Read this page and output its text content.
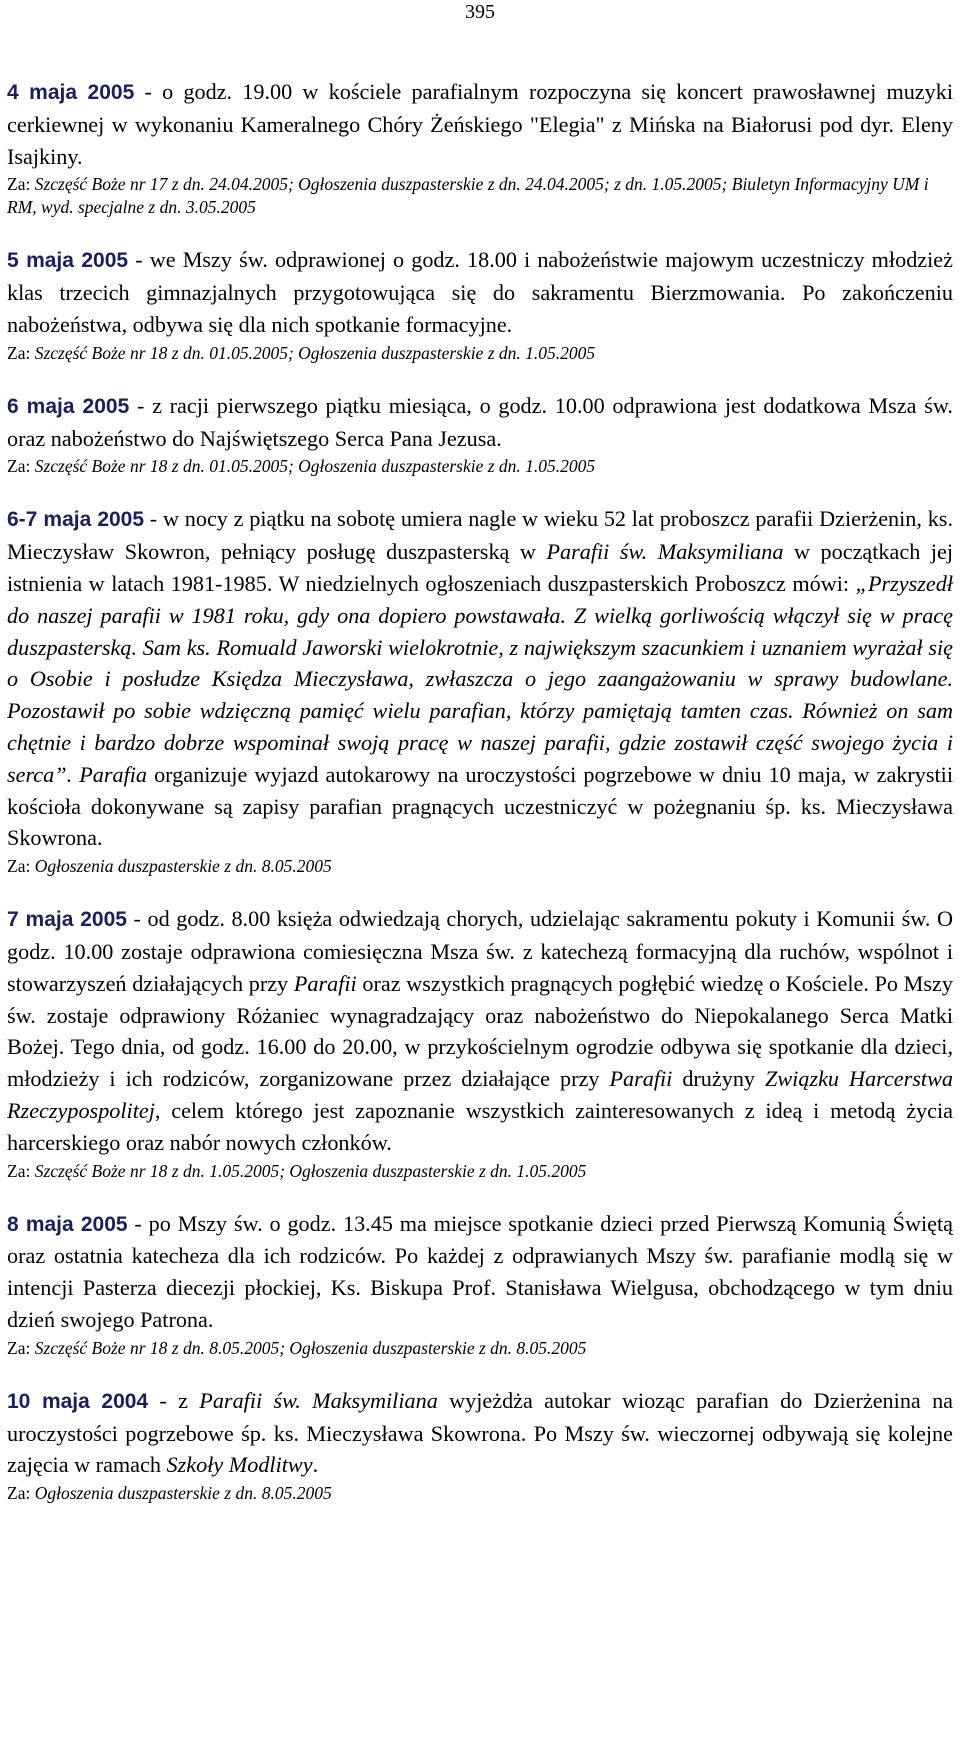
395

4 maja 2005 - o godz. 19.00 w kościele parafialnym rozpoczyna się koncert prawosławnej muzyki cerkiewnej w wykonaniu Kameralnego Chóry Żeńskiego "Elegia" z Mińska na Białorusi pod dyr. Eleny Isajkiny.

Za: Szczęść Boże nr 17 z dn. 24.04.2005; Ogłoszenia duszpasterskie z dn. 24.04.2005; z dn. 1.05.2005; Biuletyn Informacyjny UM i RM, wyd. specjalne z dn. 3.05.2005

5 maja 2005 - we Mszy św. odprawionej o godz. 18.00 i nabożeństwie majowym uczestniczy młodzież klas trzecich gimnazjalnych przygotowująca się do sakramentu Bierzmowania. Po zakończeniu nabożeństwa, odbywa się dla nich spotkanie formacyjne.

Za: Szczęść Boże nr 18 z dn. 01.05.2005; Ogłoszenia duszpasterskie z dn. 1.05.2005

6 maja 2005 - z racji pierwszego piątku miesiąca, o godz. 10.00 odprawiona jest dodatkowa Msza św. oraz nabożeństwo do Najświętszego Serca Pana Jezusa.

Za: Szczęść Boże nr 18 z dn. 01.05.2005; Ogłoszenia duszpasterskie z dn. 1.05.2005

6-7 maja 2005 - w nocy z piątku na sobotę umiera nagle w wieku 52 lat proboszcz parafii Dzierżenin, ks. Mieczysław Skowron, pełniący posługę duszpasterską w Parafii św. Maksymiliana w początkach jej istnienia w latach 1981-1985. W niedzielnych ogłoszeniach duszpasterskich Proboszcz mówi: „Przyszedł do naszej parafii w 1981 roku, gdy ona dopiero powstawała. Z wielką gorliwością włączył się w pracę duszpasterską. Sam ks. Romuald Jaworski wielokrotnie, z największym szacunkiem i uznaniem wyrażał się o Osobie i posłudze Księdza Mieczysława, zwłaszcza o jego zaangażowaniu w sprawy budowlane. Pozostawił po sobie wdzięczną pamięć wielu parafian, którzy pamiętają tamten czas. Również on sam chętnie i bardzo dobrze wspominał swoją pracę w naszej parafii, gdzie zostawił część swojego życia i serca”. Parafia organizuje wyjazd autokarowy na uroczystości pogrzebowe w dniu 10 maja, w zakrystii kościoła dokonywane są zapisy parafian pragnących uczestniczyć w pożegnaniu śp. ks. Mieczysława Skowrona.

Za: Ogłoszenia duszpasterskie z dn. 8.05.2005

7 maja 2005 - od godz. 8.00 księża odwiedzają chorych, udzielając sakramentu pokuty i Komunii św. O godz. 10.00 zostaje odprawiona comiesięczna Msza św. z katechezą formacyjną dla ruchów, wspólnot i stowarzyszeń działających przy Parafii oraz wszystkich pragnących pogłębić wiedzę o Kościele. Po Mszy św. zostaje odprawiony Różaniec wynagradzający oraz nabożeństwo do Niepokalanego Serca Matki Bożej. Tego dnia, od godz. 16.00 do 20.00, w przykościelnym ogrodzie odbywa się spotkanie dla dzieci, młodzieży i ich rodziców, zorganizowane przez działające przy Parafii drużyny Związku Harcerstwa Rzeczypospolitej, celem którego jest zapoznanie wszystkich zainteresowanych z ideą i metodą życia harcerskiego oraz nabór nowych członków.

Za: Szczęść Boże nr 18 z dn. 1.05.2005; Ogłoszenia duszpasterskie z dn. 1.05.2005

8 maja 2005 - po Mszy św. o godz. 13.45 ma miejsce spotkanie dzieci przed Pierwszą Komunią Świętą oraz ostatnia katecheza dla ich rodziców. Po każdej z odprawianych Mszy św. parafianie modlą się w intencji Pasterza diecezji płockiej, Ks. Biskupa Prof. Stanisława Wielgusa, obchodzącego w tym dniu dzień swojego Patrona.

Za: Szczęść Boże nr 18 z dn. 8.05.2005; Ogłoszenia duszpasterskie z dn. 8.05.2005

10 maja 2004 - z Parafii św. Maksymiliana wyjeżdża autokar wioząc parafian do Dzierżenina na uroczystości pogrzebowe śp. ks. Mieczysława Skowrona. Po Mszy św. wieczornej odbywają się kolejne zajęcia w ramach Szkoły Modlitwy.

Za: Ogłoszenia duszpasterskie z dn. 8.05.2005
